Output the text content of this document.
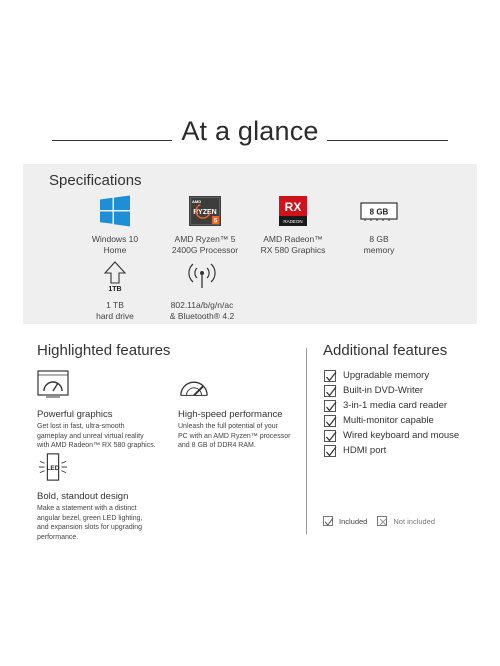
At a glance
Specifications
Windows 10
Home
AMD
RYZEN
5
AMD Ryzen™ 5
2400G Processor
RX
RADEON
AMD Radeon™
RX 580 Graphics
8 GB
8 GB
memory
1TB
1 TB
hard drive
802.11a/b/g/n/ac
& Bluetooth® 4.2
Highlighted features
Powerful graphics
Get lost in fast, ultra-smooth
gameplay and unreal virtual reality
with AMD Radeon™ RX 580 graphics.
High-speed performance
Unleash the full potential of your
PC with an AMD Ryzen™ processor
and 8 GB of DDR4 RAM.
LED
Bold, standout design
Make a statement with a distinct
angular bezel, green LED lighting,
and expansion slots for upgrading
performance.
Additional features
Upgradable memory
Built-in DVD-Writer
3-in-1 media card reader
Multi-monitor capable
Wired keyboard and mouse
HDMI port
Included	Not included
